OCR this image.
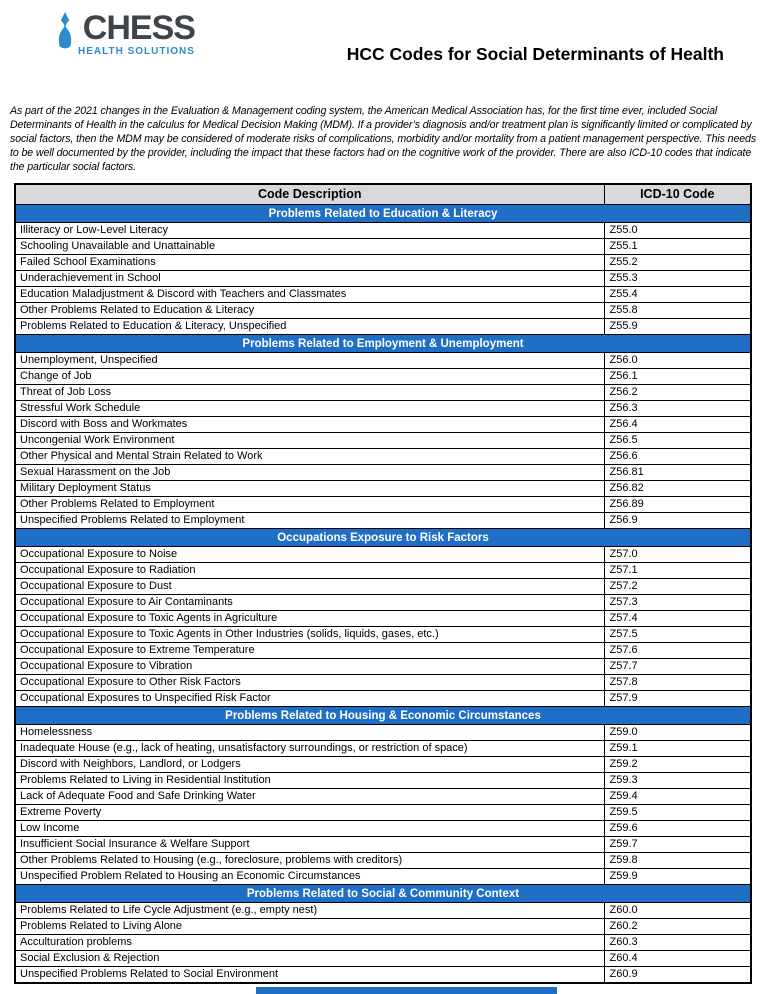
CHESS
HEALTH SOLUTIONS	HCC Codes for Social Determinants of Health

As part of the 2021 changes in the Evaluation & Management coding system, the American Medical Association has, for the first time ever, included Social Determinants of Health in the calculus for Medical Decision Making (MDM). If a provider’s diagnosis and/or treatment plan is significantly limited or complicated by social factors, then the MDM may be considered of moderate risks of complications, morbidity and/or mortality from a patient management perspective. This needs to be well documented by the provider, including the impact that these factors had on the cognitive work of the provider. There are also ICD-10 codes that indicate the particular social factors.

Code Description	ICD-10 Code
Problems Related to Education & Literacy	
Illiteracy or Low-Level Literacy	Z55.0
Schooling Unavailable and Unattainable	Z55.1
Failed School Examinations	Z55.2
Underachievement in School	Z55.3
Education Maladjustment & Discord with Teachers and Classmates	Z55.4
Other Problems Related to Education & Literacy	Z55.8
Problems Related to Education & Literacy, Unspecified	Z55.9
Problems Related to Employment & Unemployment	
Unemployment, Unspecified	Z56.0
Change of Job	Z56.1
Threat of Job Loss	Z56.2
Stressful Work Schedule	Z56.3
Discord with Boss and Workmates	Z56.4
Uncongenial Work Environment	Z56.5
Other Physical and Mental Strain Related to Work	Z56.6
Sexual Harassment on the Job	Z56.81
Military Deployment Status	Z56.82
Other Problems Related to Employment	Z56.89
Unspecified Problems Related to Employment	Z56.9
Occupations Exposure to Risk Factors	
Occupational Exposure to Noise	Z57.0
Occupational Exposure to Radiation	Z57.1
Occupational Exposure to Dust	Z57.2
Occupational Exposure to Air Contaminants	Z57.3
Occupational Exposure to Toxic Agents in Agriculture	Z57.4
Occupational Exposure to Toxic Agents in Other Industries (solids, liquids, gases, etc.)	Z57.5
Occupational Exposure to Extreme Temperature	Z57.6
Occupational Exposure to Vibration	Z57.7
Occupational Exposure to Other Risk Factors	Z57.8
Occupational Exposures to Unspecified Risk Factor	Z57.9
Problems Related to Housing & Economic Circumstances	
Homelessness	Z59.0
Inadequate House (e.g., lack of heating, unsatisfactory surroundings, or restriction of space)	Z59.1
Discord with Neighbors, Landlord, or Lodgers	Z59.2
Problems Related to Living in Residential Institution	Z59.3
Lack of Adequate Food and Safe Drinking Water	Z59.4
Extreme Poverty	Z59.5
Low Income	Z59.6
Insufficient Social Insurance & Welfare Support	Z59.7
Other Problems Related to Housing (e.g., foreclosure, problems with creditors)	Z59.8
Unspecified Problem Related to Housing an Economic Circumstances	Z59.9
Problems Related to Social & Community Context	
Problems Related to Life Cycle Adjustment (e.g., empty nest)	Z60.0
Problems Related to Living Alone	Z60.2
Acculturation problems	Z60.3
Social Exclusion & Rejection	Z60.4
Unspecified Problems Related to Social Environment	Z60.9
